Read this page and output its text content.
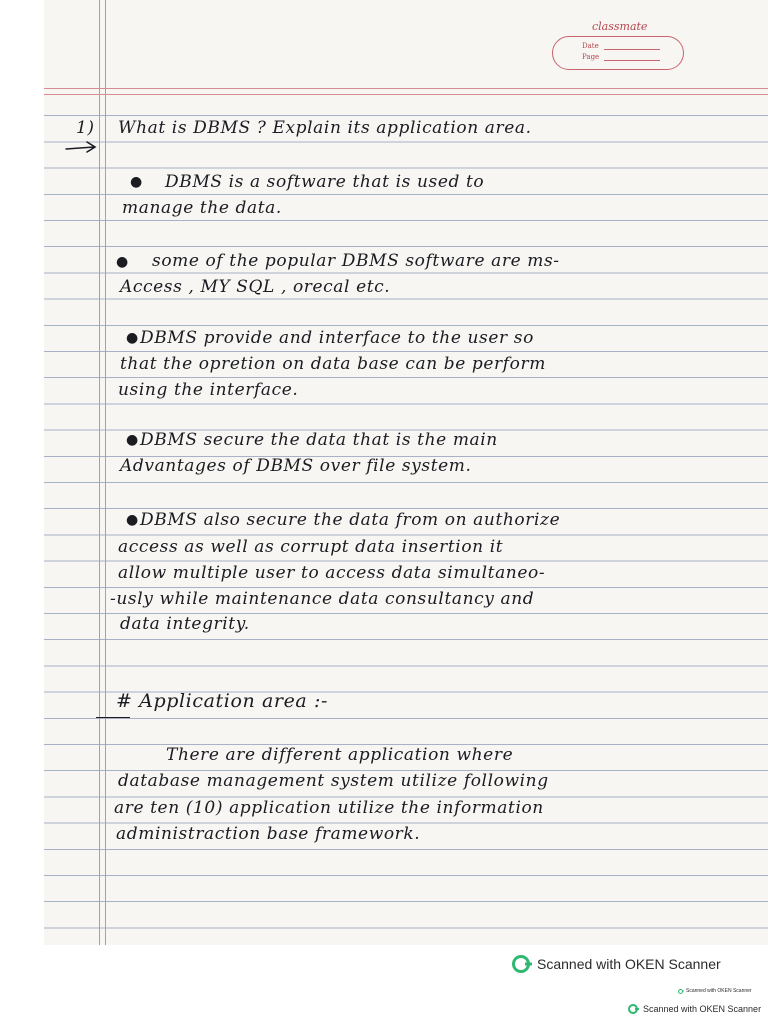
classmate
Date
Page
1) What is DBMS ? Explain its application area.
● DBMS is a software that is used to
manage the data.
● some of the popular DBMS software are ms-
Access , MY SQL , orecal etc.
● DBMS provide and interface to the user so
that the opretion on data base can be perform
using the interface.
● DBMS secure the data that is the main
Advantages of DBMS over file system.
● DBMS also secure the data from on authorize
access as well as corrupt data insertion it
allow multiple user to access data simultaneo-
-usly while maintenance data consultancy and
data integrity.
# Application area :-
There are different application where
database management system utilize following
are ten (10) application utilize the information
administraction base framework.
Scanned with OKEN Scanner
Scanned with OKEN Scanner
Scanned with OKEN Scanner
